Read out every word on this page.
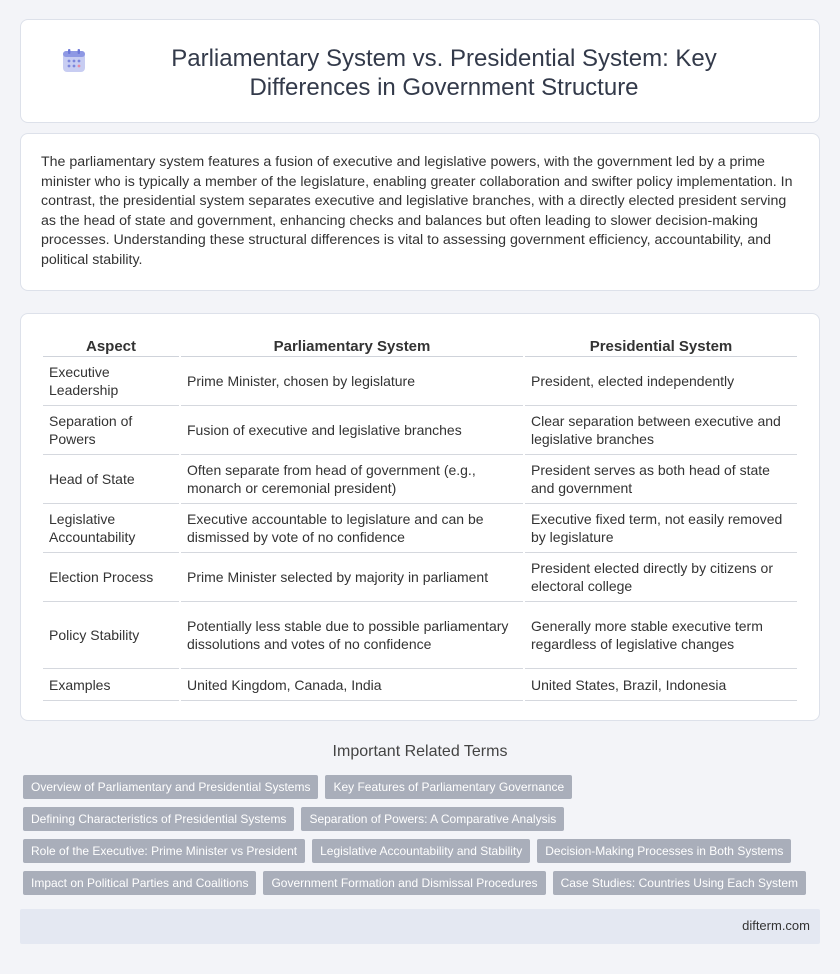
Parliamentary System vs. Presidential System: Key Differences in Government Structure

The parliamentary system features a fusion of executive and legislative powers, with the government led by a prime minister who is typically a member of the legislature, enabling greater collaboration and swifter policy implementation. In contrast, the presidential system separates executive and legislative branches, with a directly elected president serving as the head of state and government, enhancing checks and balances but often leading to slower decision-making processes. Understanding these structural differences is vital to assessing government efficiency, accountability, and political stability.

Aspect	Parliamentary System	Presidential System
Executive Leadership	Prime Minister, chosen by legislature	President, elected independently
Separation of Powers	Fusion of executive and legislative branches	Clear separation between executive and legislative branches
Head of State	Often separate from head of government (e.g., monarch or ceremonial president)	President serves as both head of state and government
Legislative Accountability	Executive accountable to legislature and can be dismissed by vote of no confidence	Executive fixed term, not easily removed by legislature
Election Process	Prime Minister selected by majority in parliament	President elected directly by citizens or electoral college
Policy Stability	Potentially less stable due to possible parliamentary dissolutions and votes of no confidence	Generally more stable executive term regardless of legislative changes
Examples	United Kingdom, Canada, India	United States, Brazil, Indonesia
Important Related Terms
Overview of Parliamentary and Presidential Systems	Key Features of Parliamentary Governance
Defining Characteristics of Presidential Systems	Separation of Powers: A Comparative Analysis
Role of the Executive: Prime Minister vs President	Legislative Accountability and Stability	Decision-Making Processes in Both Systems
Impact on Political Parties and Coalitions	Government Formation and Dismissal Procedures	Case Studies: Countries Using Each System
difterm.com
